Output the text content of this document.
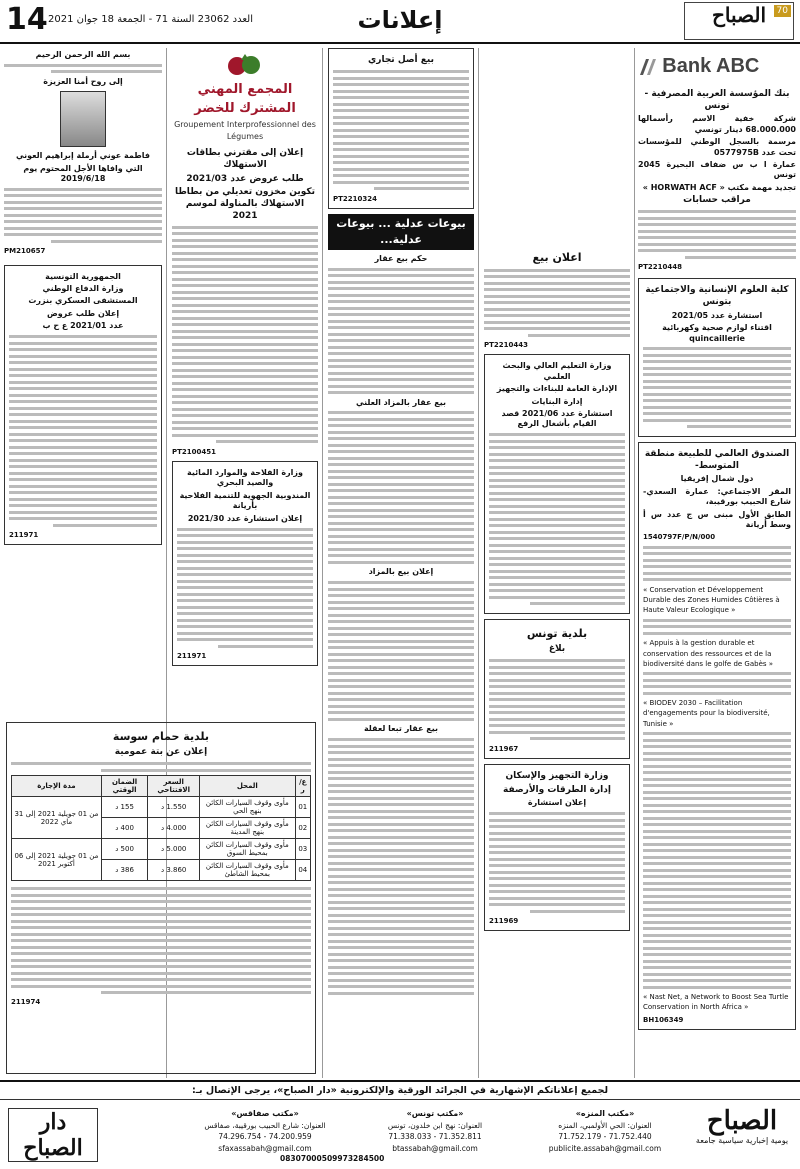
14 العدد 23062 السنة 71 - الجمعة 18 جوان 2021	إعلانات	70
الصباح
Bank ABC
بنك المؤسسة العربية المصرفية - تونس
شركة خفية الاسم رأسمالها 68.000.000 دينار تونسي
مرسمة بالسجل الوطني للمؤسسات تحت عدد 0577975B
عمارة ا ب س ضفاف البحيرة 2045 تونس
تجديد مهمة مكتب « HORWATH ACF »
مراقب حسابات
PT2210448
كلية العلوم الإنسانية والاجتماعية بتونس
استشارة عدد 2021/05
اقتناء لوازم صحية وكهربائية quincaillerie
الصندوق العالمي للطبيعة منطقة المتوسط-
دول شمال إفريقيا
المقر الاجتماعي: عمارة السعدي- شارع الحبيب بورقيبة،
الطابق الأول مبنى س ج عدد س أ وسط أريانة
1540797F/P/N/000
« Conservation et Développement Durable des Zones Humides Côtières à Haute Valeur Ecologique »
« Appuis à la gestion durable et conservation des ressources et de la biodiversité dans le golfe de Gabès »
« BIODEV 2030 – Facilitation d'engagements pour la biodiversité, Tunisie »
« Nast Net, a Network to Boost Sea Turtle Conservation in North Africa »
BH106349
اعلان بيع
PT2210443
وزارة التعليم العالي والبحث العلمي
الإدارة العامة للبناءات والتجهيز
إدارة البنايات
استشارة عدد 2021/06 قصد القيام بأشغال الرفع
بلدية تونس
بلاغ
211967
وزارة التجهيز والإسكان
إدارة الطرقات والأرصفة
إعلان استشارة
211969
بيع أصل تجاري
PT2210324
بيوعات عدلية ... بيوعات عدلية...
حكم بيع عقار
بيع عقار بالمزاد العلني
إعلان بيع بالمزاد
بيع عقار تبعا لعقلة
المجمع المهني المشترك للخضر
Groupement Interprofessionnel des Légumes
إعلان إلى مقترني بطاقات الاستهلاك
طلب عروض عدد 2021/03
تكوين مخزون تعديلي من بطاطا الاستهلاك بالمناولة لموسم 2021
PT2100451
وزارة الفلاحة والموارد المائية والصيد البحري
المندوبية الجهوية للتنمية الفلاحية بأريانة
إعلان استشارة عدد 2021/30
211971
بسم الله الرحمن الرحيم
إلى روح أمنا العزيزة
فاطمة عوني أرملة إبراهيم العوني
التي وافاها الأجل المحتوم يوم 2019/6/18
PM210657
الجمهورية التونسية
وزارة الدفاع الوطني
المستشفى العسكري بنزرت
إعلان طلب عروض
عدد 2021/01 ع ح ب
211971
بلدية حمام سوسة
إعلان عن بتة عمومية
ع/ر	المحل	السعر الافتتاحي	الضمان الوقتي	مدة الإجارة
01	مأوى وقوف السيارات الكائن بنهج الحي	1.550 د	155 د	من 01 جويلية 2021 إلى 31 ماي 2022
02	مأوى وقوف السيارات الكائن بنهج المدينة	4.000 د	400 د	
03	مأوى وقوف السيارات الكائن بمحيط السوق	5.000 د	500 د	من 01 جويلية 2021 إلى 06 أكتوبر 2021
04	مأوى وقوف السيارات الكائن بمحيط الشاطئ	3.860 د	386 د	
211974
لجميع إعلاناتكم الإشهارية في الجرائد الورقية والإلكترونية «دار الصباح»، يرجى الإتصال بـ:
الصباح
يومية إخبارية سياسية جامعة
«مكتب المنزه»
العنوان: الحي الأولمبي، المنزه
71.752.179 - 71.752.440
publicite.assabah@gmail.com
«مكتب تونس»
العنوان: نهج ابن خلدون، تونس
71.338.033 - 71.352.811
btassabah@gmail.com
«مكتب صفاقس»
العنوان: شارع الحبيب بورقيبة، صفاقس
74.296.754 - 74.200.959
sfaxassabah@gmail.com
دار الصباح	08307000509973284500
